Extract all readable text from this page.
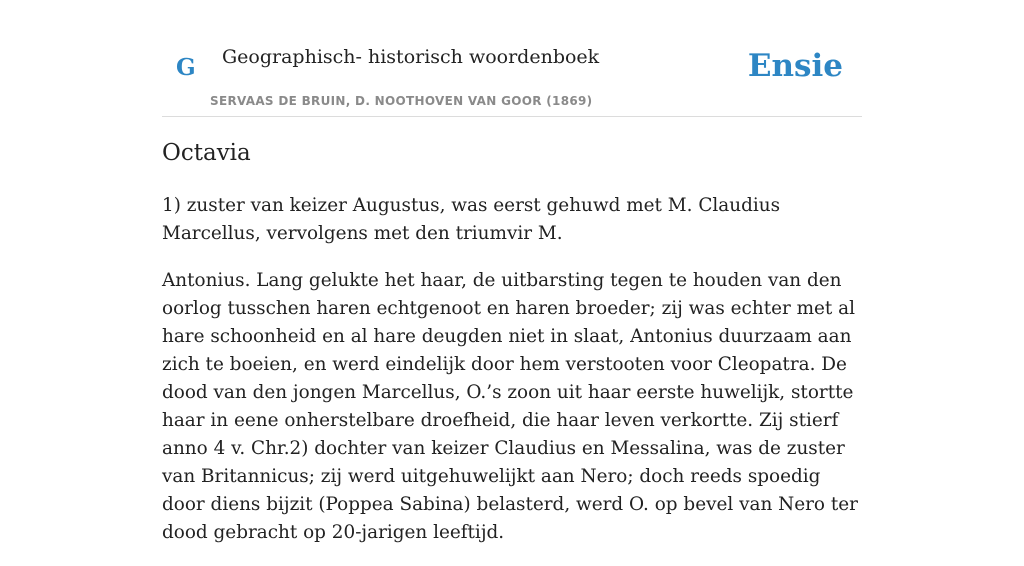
G Geographisch- historisch woordenboek
SERVAAS DE BRUIN, D. NOOTHOVEN VAN GOOR (1869)
Ensie
Octavia

1) zuster van keizer Augustus, was eerst gehuwd met M. Claudius Marcellus, vervolgens met den triumvir M.

Antonius. Lang gelukte het haar, de uitbarsting tegen te houden van den oorlog tusschen haren echtgenoot en haren broeder; zij was echter met al hare schoonheid en al hare deugden niet in slaat, Antonius duurzaam aan zich te boeien, en werd eindelijk door hem verstooten voor Cleopatra. De dood van den jongen Marcellus, O.’s zoon uit haar eerste huwelijk, stortte haar in eene onherstelbare droefheid, die haar leven verkortte. Zij stierf anno 4 v. Chr.2) dochter van keizer Claudius en Messalina, was de zuster van Britannicus; zij werd uitgehuwelijkt aan Nero; doch reeds spoedig door diens bijzit (Poppea Sabina) belasterd, werd O. op bevel van Nero ter dood gebracht op 20-jarigen leeftijd.
